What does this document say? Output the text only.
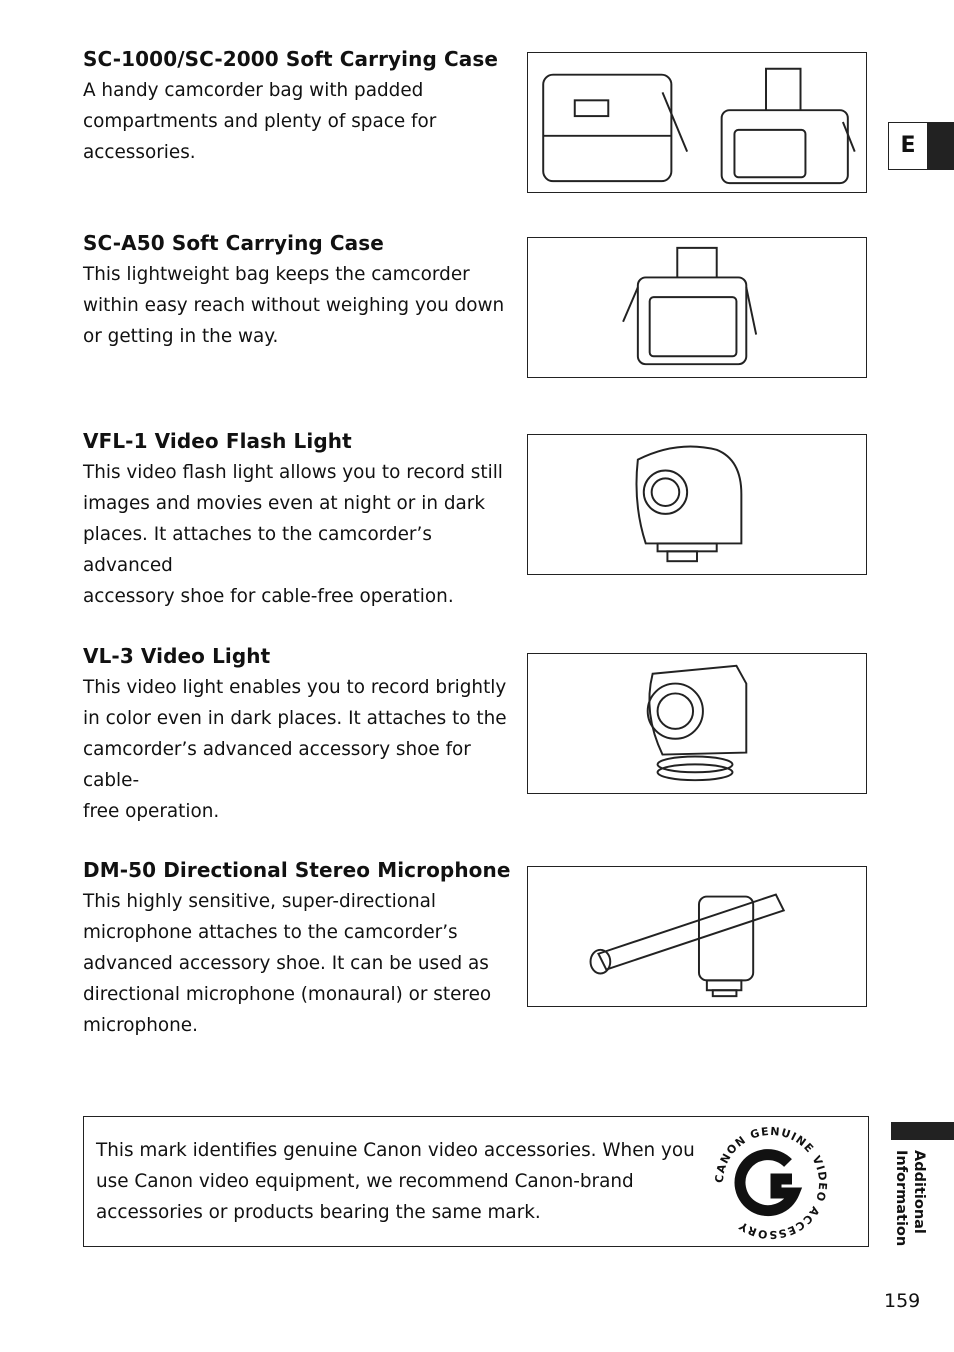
E
SC-1000/SC-2000 Soft Carrying Case

A handy camcorder bag with padded
compartments and plenty of space for
accessories.

SC-A50 Soft Carrying Case

This lightweight bag keeps the camcorder
within easy reach without weighing you down
or getting in the way.

VFL-1 Video Flash Light

This video flash light allows you to record still
images and movies even at night or in dark
places. It attaches to the camcorder’s advanced
accessory shoe for cable-free operation.

VL-3 Video Light

This video light enables you to record brightly
in color even in dark places. It attaches to the
camcorder’s advanced accessory shoe for cable-
free operation.

DM-50 Directional Stereo Microphone

This highly sensitive, super-directional
microphone attaches to the camcorder’s
advanced accessory shoe. It can be used as
directional microphone (monaural) or stereo
microphone.

This mark identifies genuine Canon video accessories. When you
use Canon video equipment, we recommend Canon-brand
accessories or products bearing the same mark.

CANON GENUINE VIDEO ACCESSORY	Additional
Information
159
